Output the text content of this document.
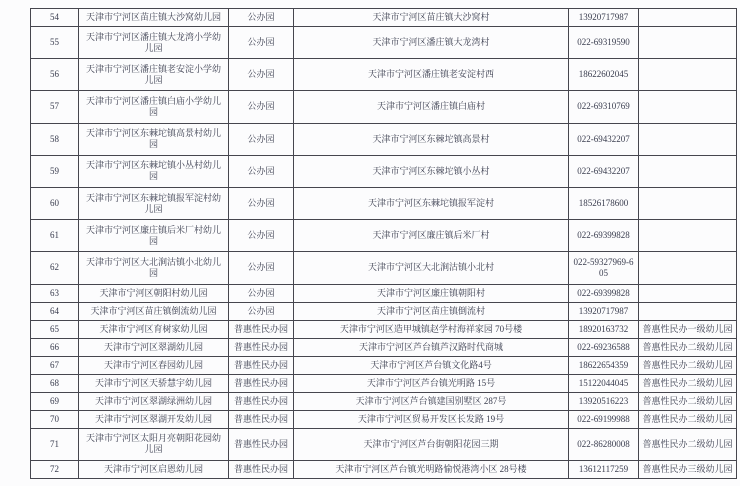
54	天津市宁河区苗庄镇大沙窝幼儿园	公办园	天津市宁河区苗庄镇大沙窝村	13920717987	
55	天津市宁河区潘庄镇大龙湾小学幼儿园	公办园	天津市宁河区潘庄镇大龙湾村	022-69319590	
56	天津市宁河区潘庄镇老安淀小学幼儿园	公办园	天津市宁河区潘庄镇老安淀村西	18622602045	
57	天津市宁河区潘庄镇白庙小学幼儿园	公办园	天津市宁河区潘庄镇白庙村	022-69310769	
58	天津市宁河区东棘坨镇高景村幼儿园	公办园	天津市宁河区东棘坨镇高景村	022-69432207	
59	天津市宁河区东棘坨镇小丛村幼儿园	公办园	天津市宁河区东棘坨镇小丛村	022-69432207	
60	天津市宁河区东棘坨镇报军淀村幼儿园	公办园	天津市宁河区东棘坨镇报军淀村	18526178600	
61	天津市宁河区廉庄镇后米厂村幼儿园	公办园	天津市宁河区廉庄镇后米厂村	022-69399828	
62	天津市宁河区大北涧沽镇小北幼儿园	公办园	天津市宁河区大北涧沽镇小北村	022-59327969-605	
63	天津市宁河区朝阳村幼儿园	公办园	天津市宁河区廉庄镇朝阳村	022-69399828	
64	天津市宁河区苗庄镇倒流幼儿园	公办园	天津市宁河区苗庄镇倒流村	13920717987	
65	天津市宁河区育树家幼儿园	普惠性民办园	天津市宁河区造甲城镇赵学村海祥家园 70号楼	18920163732	普惠性民办一级幼儿园
66	天津市宁河区翠湖幼儿园	普惠性民办园	天津市宁河区芦台镇芦汉路时代商城	022-69236588	普惠性民办二级幼儿园
67	天津市宁河区春园幼儿园	普惠性民办园	天津市宁河区芦台镇文化路4号	18622654359	普惠性民办二级幼儿园
68	天津市宁河区天骄慧宇幼儿园	普惠性民办园	天津市宁河区芦台镇光明路 15号	15122044045	普惠性民办二级幼儿园
69	天津市宁河区翠湖绿洲幼儿园	普惠性民办园	天津市宁河区芦台镇建国别墅区 287号	13920516223	普惠性民办二级幼儿园
70	天津市宁河区翠湖开发幼儿园	普惠性民办园	天津市宁河区贸易开发区长发路 19号	022-69199988	普惠性民办二级幼儿园
71	天津市宁河区太阳月亮朝阳花园幼儿园	普惠性民办园	天津市宁河区芦台街朝阳花园三期	022-86280008	普惠性民办二级幼儿园
72	天津市宁河区启恩幼儿园	普惠性民办园	天津市宁河区芦台镇光明路愉悦港湾小区 28号楼	13612117259	普惠性民办三级幼儿园
